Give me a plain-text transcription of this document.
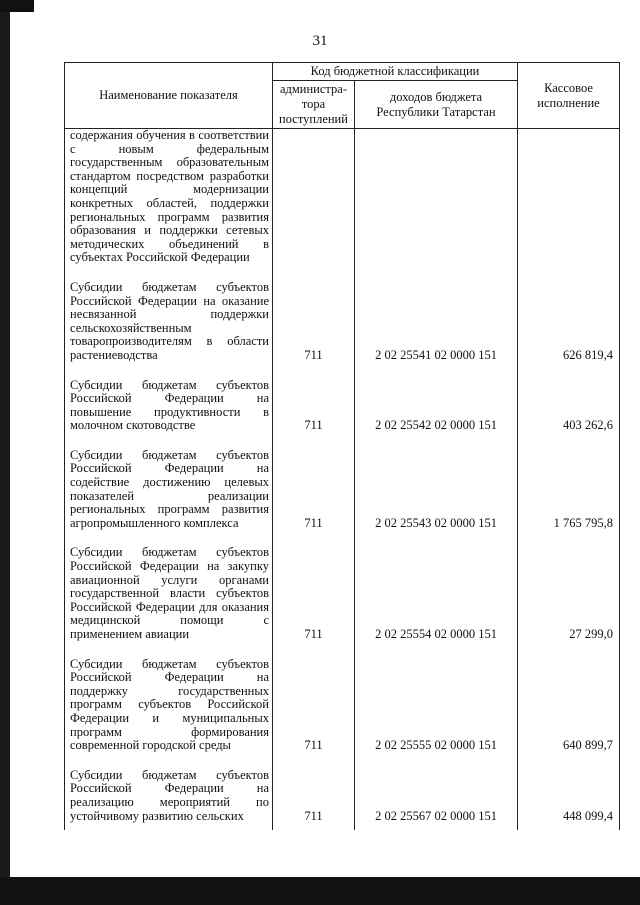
31
Наименование показателя	Код бюджетной классификации		Кассовое исполнение
	администра-тора поступлений	доходов бюджета Республики Татарстан	
содержания обучения в соответствии с новым федеральным государственным образовательным стандартом посредством разработки концепций модернизации конкретных областей, поддержки региональных программ развития образования и поддержки сетевых методических объединений в субъектах Российской Федерации			
Субсидии бюджетам субъектов Российской Федерации на оказание несвязанной поддержки сельскохозяйственным товаропроизводителям в области растениеводства	711	2 02 25541 02 0000 151	626 819,4
Субсидии бюджетам субъектов Российской Федерации на повышение продуктивности в молочном скотоводстве	711	2 02 25542 02 0000 151	403 262,6
Субсидии бюджетам субъектов Российской Федерации на содействие достижению целевых показателей реализации региональных программ развития агропромышленного комплекса	711	2 02 25543 02 0000 151	1 765 795,8
Субсидии бюджетам субъектов Российской Федерации на закупку авиационной услуги органами государственной власти субъектов Российской Федерации для оказания медицинской помощи с применением авиации	711	2 02 25554 02 0000 151	27 299,0
Субсидии бюджетам субъектов Российской Федерации на поддержку государственных программ субъектов Российской Федерации и муниципальных программ формирования современной городской среды	711	2 02 25555 02 0000 151	640 899,7
Субсидии бюджетам субъектов Российской Федерации на реализацию мероприятий по устойчивому развитию сельских	711	2 02 25567 02 0000 151	448 099,4
